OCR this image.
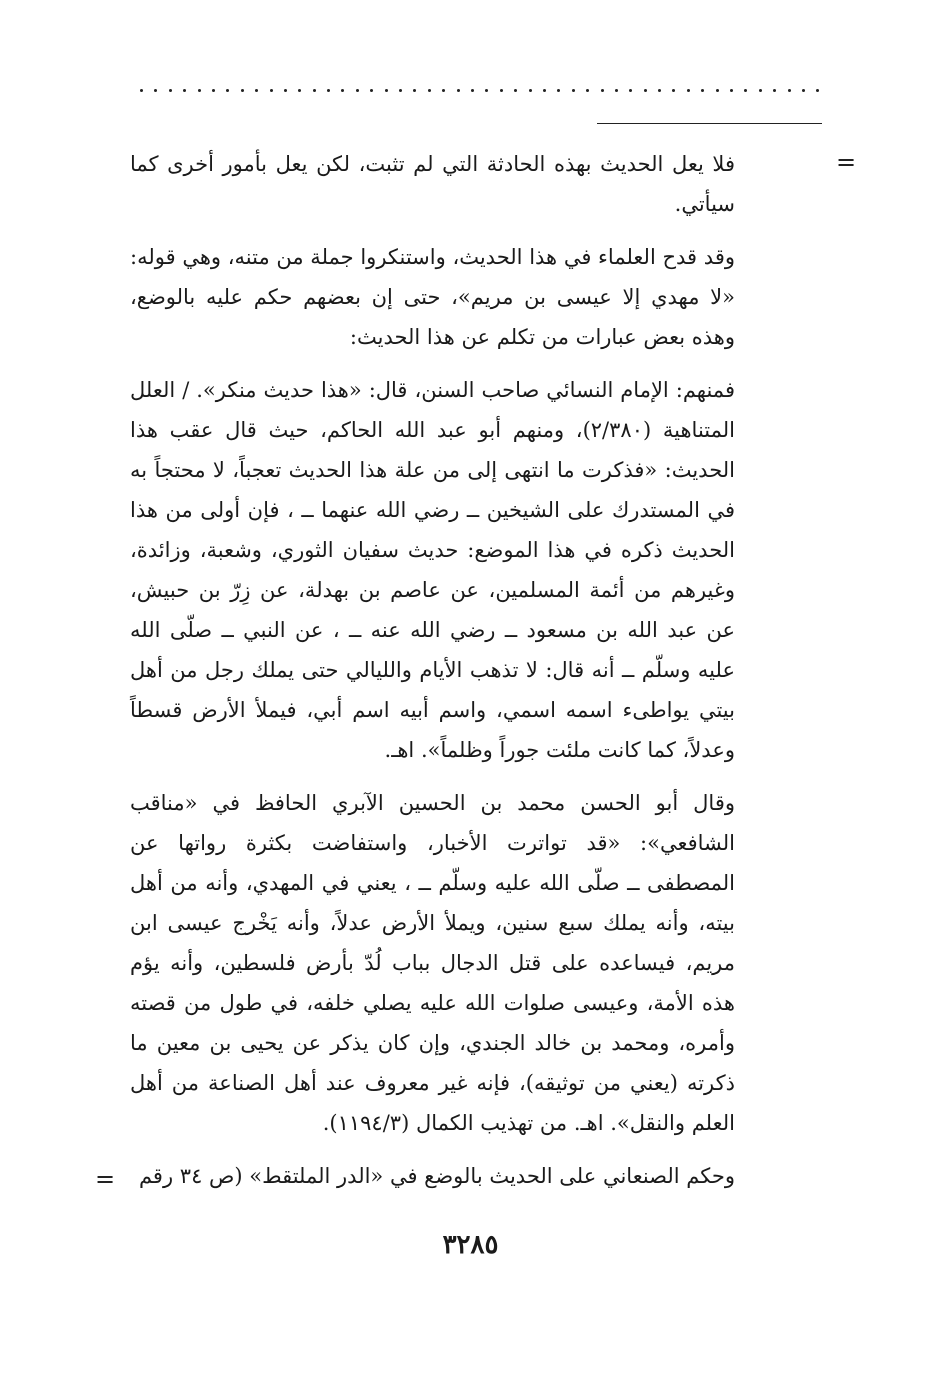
=

فلا يعل الحديث بهذه الحادثة التي لم تثبت، لكن يعل بأمور أخرى كما سيأتي.

وقد قدح العلماء في هذا الحديث، واستنكروا جملة من متنه، وهي قوله: «لا مهدي إلا عيسى بن مريم»، حتى إن بعضهم حكم عليه بالوضع، وهذه بعض عبارات من تكلم عن هذا الحديث:

فمنهم: الإمام النسائي صاحب السنن، قال: «هذا حديث منكر». / العلل المتناهية (٢/٣٨٠)، ومنهم أبو عبد الله الحاكم، حيث قال عقب هذا الحديث: «فذكرت ما انتهى إلى من علة هذا الحديث تعجباً، لا محتجاً به في المستدرك على الشيخين ــ رضي الله عنهما ــ ، فإن أولى من هذا الحديث ذكره في هذا الموضع: حديث سفيان الثوري، وشعبة، وزائدة، وغيرهم من أئمة المسلمين، عن عاصم بن بهدلة، عن زِرّ بن حبيش، عن عبد الله بن مسعود ــ رضي الله عنه ــ ، عن النبي ــ صلّى الله عليه وسلّم ــ أنه قال: لا تذهب الأيام والليالي حتى يملك رجل من أهل بيتي يواطىء اسمه اسمي، واسم أبيه اسم أبي، فيملأ الأرض قسطاً وعدلاً، كما كانت ملئت جوراً وظلماً». اهـ.

وقال أبو الحسن محمد بن الحسين الآبري الحافظ في «مناقب الشافعي»: «قد تواترت الأخبار، واستفاضت بكثرة رواتها عن المصطفى ــ صلّى الله عليه وسلّم ــ ، يعني في المهدي، وأنه من أهل بيته، وأنه يملك سبع سنين، ويملأ الأرض عدلاً، وأنه يَخْرج عيسى ابن مريم، فيساعده على قتل الدجال بباب لُدّ بأرض فلسطين، وأنه يؤم هذه الأمة، وعيسى صلوات الله عليه يصلي خلفه، في طول من قصته وأمره، ومحمد بن خالد الجندي، وإن كان يذكر عن يحيى بن معين ما ذكرته (يعني من توثيقه)، فإنه غير معروف عند أهل الصناعة من أهل العلم والنقل». اهـ. من تهذيب الكمال (١١٩٤/٣).

وحكم الصنعاني على الحديث بالوضع في «الدر الملتقط» (ص ٣٤ رقم

=
٣٢٨٥
